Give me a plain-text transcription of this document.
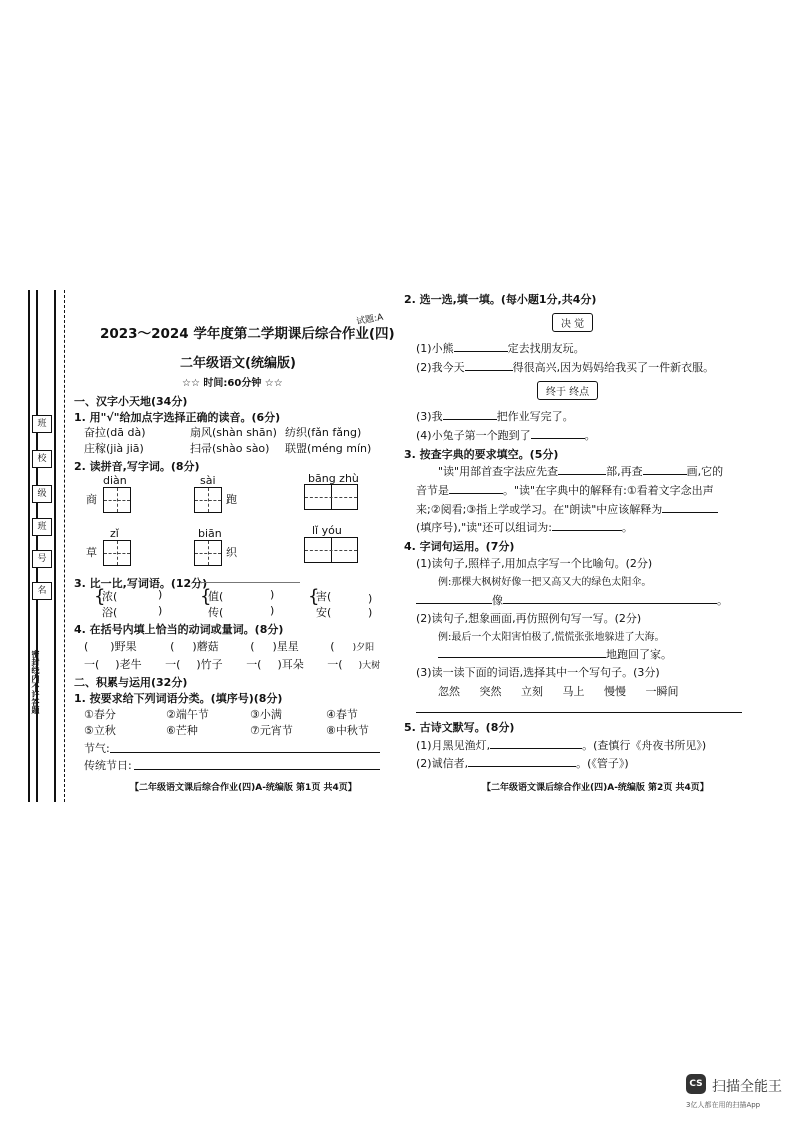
班
校
级
班
号
名
密封线内不许答题
2023～2024 学年度第二学期课后综合作业(四)
试题:A
二年级语文(统编版)
☆☆ 时间:60分钟 ☆☆
一、汉字小天地(34分)
1. 用"√"给加点字选择正确的读音。(6分)
奋拉(dā dà)	扇风(shàn shān) 纺织(fǎn fǎng)
庄稼(jià jiā)	扫帚(shào sào) 联盟(méng mín)
2. 读拼音,写字词。(8分)
diàn
商
sài
跑
bāng zhù
zǐ
草
biān
织
lǐ yóu
3. 比一比,写词语。(12分)
{
浓(	)
浴(	)
{
值(	)
传(	)
{
害(	)
安(	)
4. 在括号内填上恰当的动词或量词。(8分)
( )野果	( )蘑菇	( )星星	( )夕阳
一( )老牛 一( )竹子 一( )耳朵 一( )大树
二、积累与运用(32分)
1. 按要求给下列词语分类。(填序号)(8分)
①春分	②端午节	③小满	④春节
⑤立秋	⑥芒种	⑦元宵节	⑧中秋节
节气:
传统节日:
【二年级语文课后综合作业(四)A-统编版 第1页 共4页】
2. 选一选,填一填。(每小题1分,共4分)
决 觉
(1)小熊	定去找朋友玩。
(2)我今天	得很高兴,因为妈妈给我买了一件新衣服。
终于 终点
(3)我	把作业写完了。
(4)小兔子第一个跑到了	。
3. 按查字典的要求填空。(5分)
"读"用部首查字法应先查	部,再查	画,它的
音节是	。"读"在字典中的解释有:①看着文字念出声
来;②阅看;③指上学或学习。在"朗读"中应该解释为
(填序号),"读"还可以组词为:	。
4. 字词句运用。(7分)
(1)读句子,照样子,用加点字写一个比喻句。(2分)
例:那棵大枫树好像一把又高又大的绿色太阳伞。
像	。
(2)读句子,想象画面,再仿照例句写一写。(2分)
例:最后一个太阳害怕极了,慌慌张张地躲进了大海。
地跑回了家。
(3)读一读下面的词语,选择其中一个写句子。(3分)
忽然 突然 立刻 马上 慢慢 一瞬间
5. 古诗文默写。(8分)
(1)月黑见渔灯,	。(查慎行《舟夜书所见》)
(2)诚信者,	。(《管子》)
【二年级语文课后综合作业(四)A-统编版 第2页 共4页】
CS 扫描全能王
3亿人都在用的扫描App
